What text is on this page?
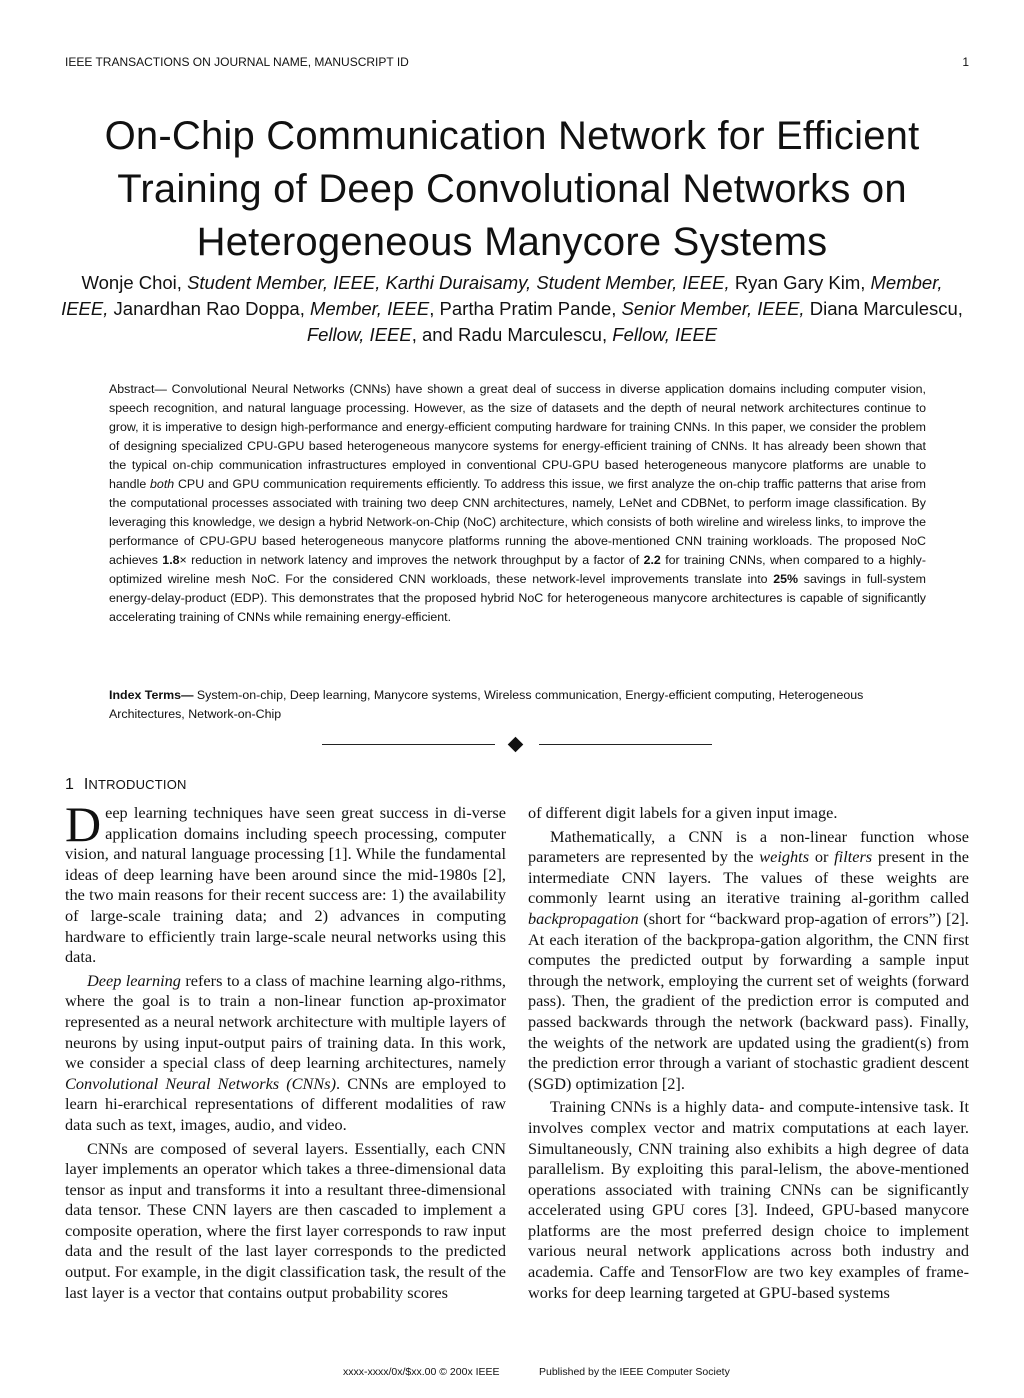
IEEE TRANSACTIONS ON JOURNAL NAME, MANUSCRIPT ID	1
On-Chip Communication Network for Efficient
Training of Deep Convolutional Networks on
Heterogeneous Manycore Systems
Wonje Choi, Student Member, IEEE, Karthi Duraisamy, Student Member, IEEE, Ryan Gary Kim, Member, IEEE, Janardhan Rao Doppa, Member, IEEE, Partha Pratim Pande, Senior Member, IEEE, Diana Marculescu, Fellow, IEEE, and Radu Marculescu, Fellow, IEEE
Abstract— Convolutional Neural Networks (CNNs) have shown a great deal of success in diverse application domains including computer vision, speech recognition, and natural language processing. However, as the size of datasets and the depth of neural network architectures continue to grow, it is imperative to design high-performance and energy-efficient computing hardware for training CNNs. In this paper, we consider the problem of designing specialized CPU-GPU based heterogeneous manycore systems for energy-efficient training of CNNs. It has already been shown that the typical on-chip communication infrastructures employed in conventional CPU-GPU based heterogeneous manycore platforms are unable to handle both CPU and GPU communication requirements efficiently. To address this issue, we first analyze the on-chip traffic patterns that arise from the computational processes associated with training two deep CNN architectures, namely, LeNet and CDBNet, to perform image classification. By leveraging this knowledge, we design a hybrid Network-on-Chip (NoC) architecture, which consists of both wireline and wireless links, to improve the performance of CPU-GPU based heterogeneous manycore platforms running the above-mentioned CNN training workloads. The proposed NoC achieves 1.8× reduction in network latency and improves the network throughput by a factor of 2.2 for training CNNs, when compared to a highly-optimized wireline mesh NoC. For the considered CNN workloads, these network-level improvements translate into 25% savings in full-system energy-delay-product (EDP). This demonstrates that the proposed hybrid NoC for heterogeneous manycore architectures is capable of significantly accelerating training of CNNs while remaining energy-efficient.
Index Terms— System-on-chip, Deep learning, Manycore systems, Wireless communication, Energy-efficient computing, Heterogeneous Architectures, Network-on-Chip
1 INTRODUCTION

Deep learning techniques have seen great success in di-verse application domains including speech processing, computer vision, and natural language processing [1]. While the fundamental ideas of deep learning have been around since the mid-1980s [2], the two main reasons for their recent success are: 1) the availability of large-scale training data; and 2) advances in computing hardware to efficiently train large-scale neural networks using this data.

Deep learning refers to a class of machine learning algo-rithms, where the goal is to train a non-linear function ap-proximator represented as a neural network architecture with multiple layers of neurons by using input-output pairs of training data. In this work, we consider a special class of deep learning architectures, namely Convolutional Neural Networks (CNNs). CNNs are employed to learn hi-erarchical representations of different modalities of raw data such as text, images, audio, and video.

CNNs are composed of several layers. Essentially, each CNN layer implements an operator which takes a three-dimensional data tensor as input and transforms it into a resultant three-dimensional data tensor. These CNN layers are then cascaded to implement a composite operation, where the first layer corresponds to raw input data and the result of the last layer corresponds to the predicted output. For example, in the digit classification task, the result of the last layer is a vector that contains output probability scores

of different digit labels for a given input image.

Mathematically, a CNN is a non-linear function whose parameters are represented by the weights or filters present in the intermediate CNN layers. The values of these weights are commonly learnt using an iterative training al-gorithm called backpropagation (short for “backward prop-agation of errors”) [2]. At each iteration of the backpropa-gation algorithm, the CNN first computes the predicted output by forwarding a sample input through the network, employing the current set of weights (forward pass). Then, the gradient of the prediction error is computed and passed backwards through the network (backward pass). Finally, the weights of the network are updated using the gradient(s) from the prediction error through a variant of stochastic gradient descent (SGD) optimization [2].

Training CNNs is a highly data- and compute-intensive task. It involves complex vector and matrix computations at each layer. Simultaneously, CNN training also exhibits a high degree of data parallelism. By exploiting this paral-lelism, the above-mentioned operations associated with training CNNs can be significantly accelerated using GPU cores [3]. Indeed, GPU-based manycore platforms are the most preferred design choice to implement various neural network applications across both industry and academia. Caffe and TensorFlow are two key examples of frame-works for deep learning targeted at GPU-based systems

xxxx-xxxx/0x/$xx.00 © 200x IEEE	Published by the IEEE Computer Society
